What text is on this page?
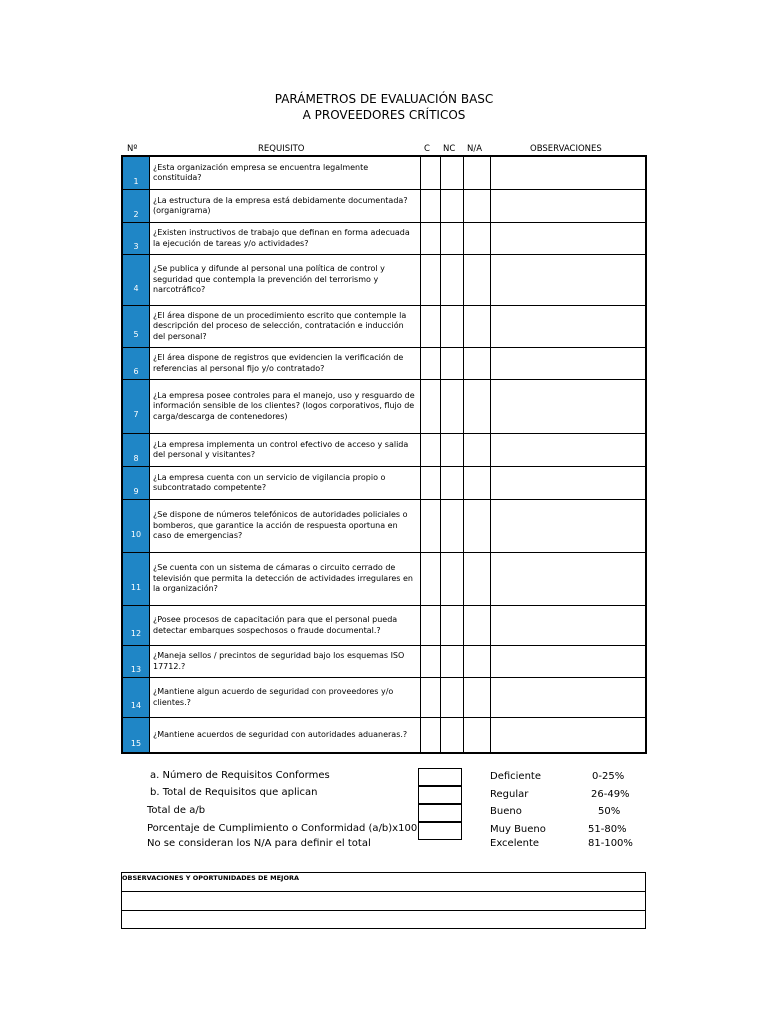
PARÁMETROS DE EVALUACIÓN BASC
A PROVEEDORES CRÍTICOS
Nº	REQUISITO	C NC N/A	OBSERVACIONES
1
¿Esta organización empresa se encuentra legalmente constituida?
2
¿La estructura de la empresa está debidamente documentada? (organigrama)
3
¿Existen instructivos de trabajo que definan en forma adecuada la ejecución de tareas y/o actividades?
4
¿Se publica y difunde al personal una política de control y seguridad que contempla la prevención del terrorismo y narcotráfico?
5
¿El área dispone de un procedimiento escrito que contemple la descripción del proceso de selección, contratación e inducción del personal?
6
¿El área dispone de registros que evidencien la verificación de referencias al personal fijo y/o contratado?
7
¿La empresa posee controles para el manejo, uso y resguardo de información sensible de los clientes? (logos corporativos, flujo de carga/descarga de contenedores)
8
¿La empresa implementa un control efectivo de acceso y salida del personal y visitantes?
9
¿La empresa cuenta con un servicio de vigilancia propio o subcontratado competente?
10
¿Se dispone de números telefónicos de autoridades policiales o bomberos, que garantice la acción de respuesta oportuna en caso de emergencias?
11
¿Se cuenta con un sistema de cámaras o circuito cerrado de televisión que permita la detección de actividades irregulares en la organización?
12
¿Posee procesos de capacitación para que el personal pueda detectar embarques sospechosos o fraude documental.?
13
¿Maneja sellos / precintos de seguridad bajo los esquemas ISO 17712.?
14
¿Mantiene algun acuerdo de seguridad con proveedores y/o clientes.?
15
¿Mantiene acuerdos de seguridad con autoridades aduaneras.?
a. Número de Requisitos Conformes
b. Total de Requisitos que aplican
Total de a/b
Porcentaje de Cumplimiento o Conformidad (a/b)x100
No se consideran los N/A para definir el total
Deficiente	0-25%
Regular	26-49%
Bueno	50%
Muy Bueno	51-80%
Excelente	81-100%
OBSERVACIONES Y OPORTUNIDADES DE MEJORA
